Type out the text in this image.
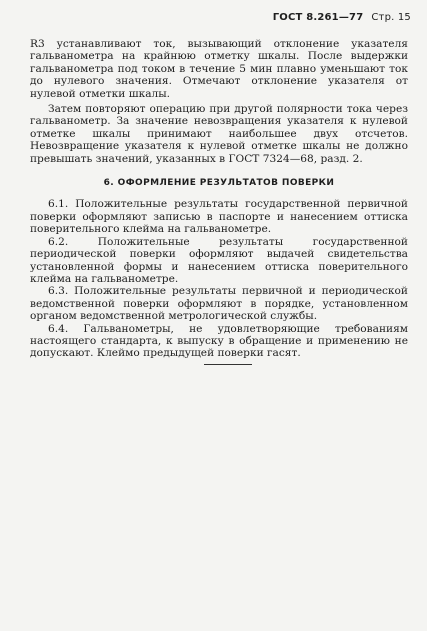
ГОСТ 8.261—77 Стр. 15

R3 устанавливают ток, вызывающий отклонение указателя гальванометра на крайнюю отметку шкалы. После выдержки гальванометра под током в течение 5 мин плавно уменьшают ток до нулевого значения. Отмечают отклонение указателя от нулевой отметки шкалы.

Затем повторяют операцию при другой полярности тока через гальванометр. За значение невозвращения указателя к нулевой отметке шкалы принимают наибольшее двух отсчетов. Невозвращение указателя к нулевой отметке шкалы не должно превышать значений, указанных в ГОСТ 7324—68, разд. 2.

6. ОФОРМЛЕНИЕ РЕЗУЛЬТАТОВ ПОВЕРКИ

6.1. Положительные результаты государственной первичной поверки оформляют записью в паспорте и нанесением оттиска поверительного клейма на гальванометре.

6.2. Положительные результаты государственной периодической поверки оформляют выдачей свидетельства установленной формы и нанесением оттиска поверительного клейма на гальванометре.

6.3. Положительные результаты первичной и периодической ведомственной поверки оформляют в порядке, установленном органом ведомственной метрологической службы.

6.4. Гальванометры, не удовлетворяющие требованиям настоящего стандарта, к выпуску в обращение и применению не допускают. Клеймо предыдущей поверки гасят.
